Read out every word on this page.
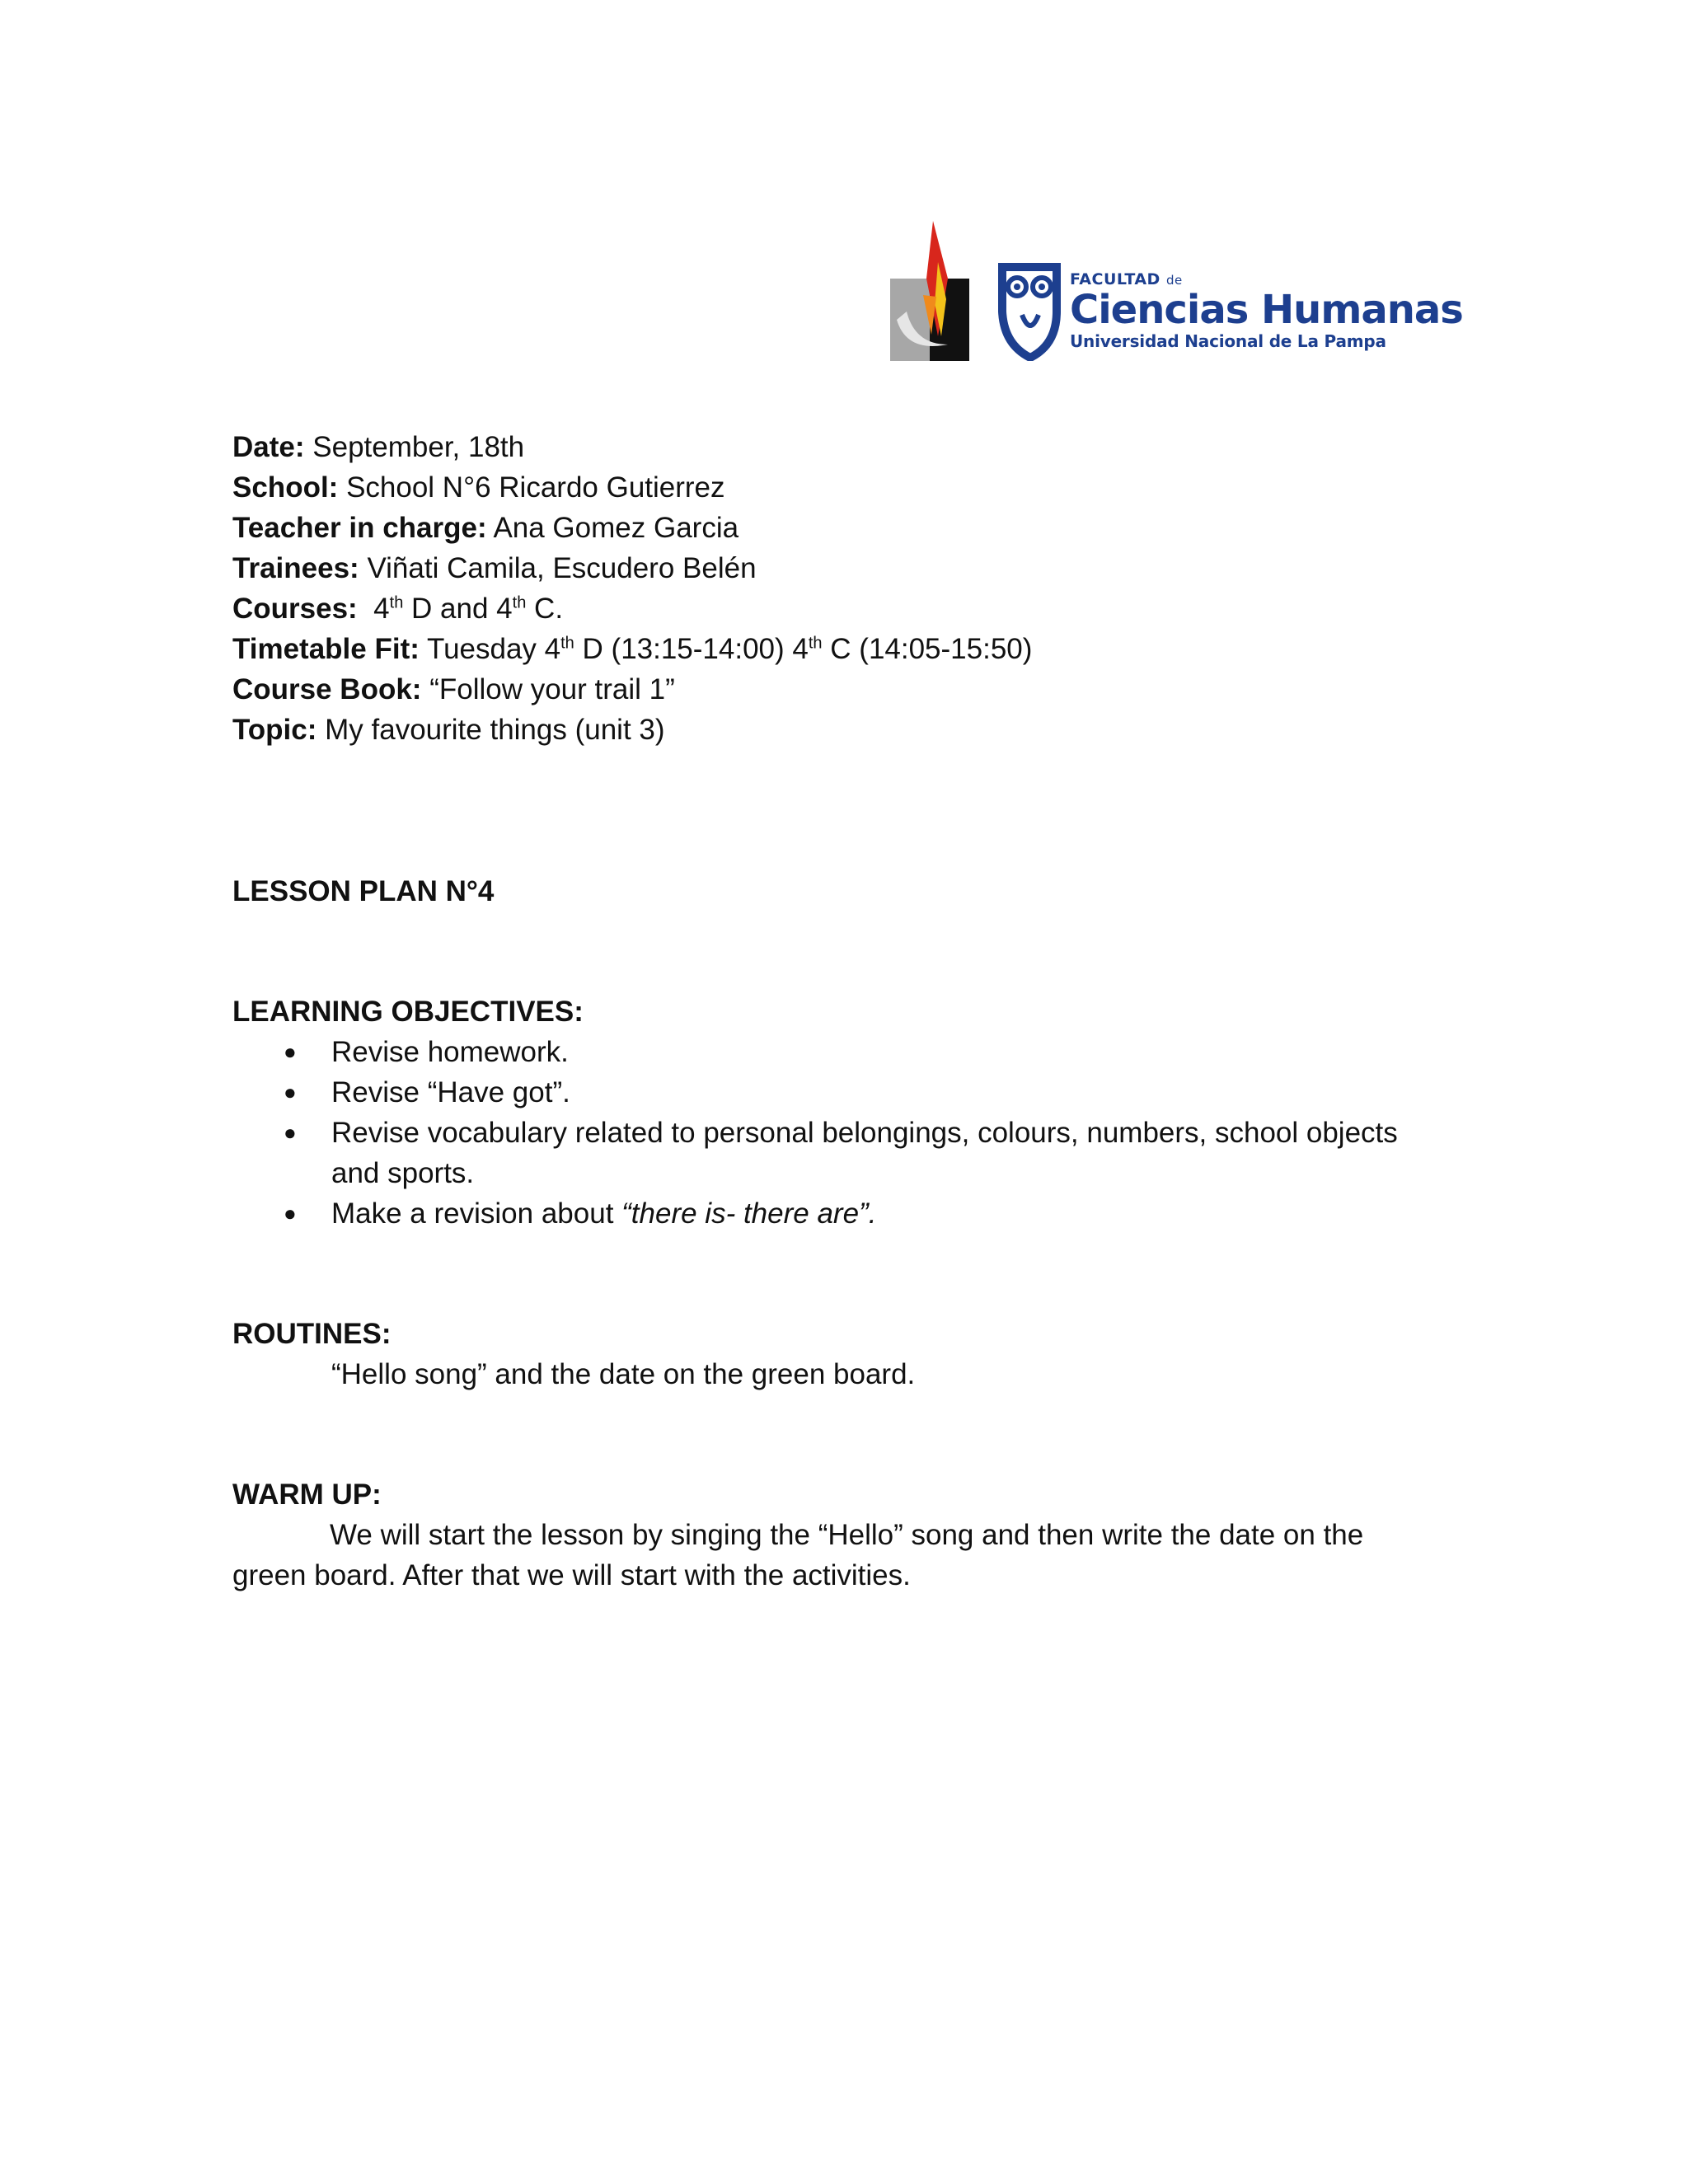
FACULTAD de
Ciencias Humanas
Universidad Nacional de La Pampa
Date: September, 18th
School: School N°6 Ricardo Gutierrez
Teacher in charge: Ana Gomez Garcia
Trainees: Viñati Camila, Escudero Belén
Courses: 4th D and 4th C.
Timetable Fit: Tuesday 4th D (13:15-14:00) 4th C (14:05-15:50)
Course Book: “Follow your trail 1”
Topic: My favourite things (unit 3)
LESSON PLAN N°4
LEARNING OBJECTIVES:
● Revise homework.
● Revise “Have got”.
● Revise vocabulary related to personal belongings, colours, numbers, school objects and sports.
● Make a revision about “there is- there are”.
ROUTINES:
“Hello song” and the date on the green board.
WARM UP:
We will start the lesson by singing the “Hello” song and then write the date on the green board. After that we will start with the activities.
